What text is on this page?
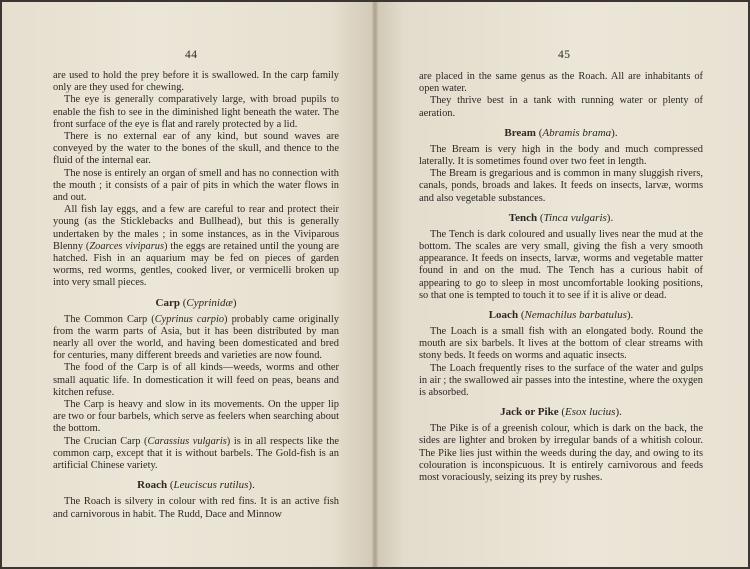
44

are used to hold the prey before it is swallowed. In the carp family only are they used for chewing.

The eye is generally comparatively large, with broad pupils to enable the fish to see in the diminished light beneath the water. The front surface of the eye is flat and rarely protected by a lid.

There is no external ear of any kind, but sound waves are conveyed by the water to the bones of the skull, and thence to the fluid of the internal ear.

The nose is entirely an organ of smell and has no connection with the mouth ; it consists of a pair of pits in which the water flows in and out.

All fish lay eggs, and a few are careful to rear and protect their young (as the Sticklebacks and Bullhead), but this is generally undertaken by the males ; in some instances, as in the Viviparous Blenny (Zoarces viviparus) the eggs are retained until the young are hatched. Fish in an aquarium may be fed on pieces of garden worms, red worms, gentles, cooked liver, or vermicelli broken up into very small pieces.

Carp (Cyprinidæ)

The Common Carp (Cyprinus carpio) probably came originally from the warm parts of Asia, but it has been distributed by man nearly all over the world, and having been domesticated and bred for centuries, many different breeds and varieties are now found.

The food of the Carp is of all kinds—weeds, worms and other small aquatic life. In domestication it will feed on peas, beans and kitchen refuse.

The Carp is heavy and slow in its movements. On the upper lip are two or four barbels, which serve as feelers when searching about the bottom.

The Crucian Carp (Carassius vulgaris) is in all respects like the common carp, except that it is without barbels. The Gold-fish is an artificial Chinese variety.

Roach (Leuciscus rutilus).

The Roach is silvery in colour with red fins. It is an active fish and carnivorous in habit. The Rudd, Dace and Minnow

45

are placed in the same genus as the Roach. All are inhabitants of open water.

They thrive best in a tank with running water or plenty of aeration.

Bream (Abramis brama).

The Bream is very high in the body and much compressed laterally. It is sometimes found over two feet in length.

The Bream is gregarious and is common in many sluggish rivers, canals, ponds, broads and lakes. It feeds on insects, larvæ, worms and also vegetable substances.

Tench (Tinca vulgaris).

The Tench is dark coloured and usually lives near the mud at the bottom. The scales are very small, giving the fish a very smooth appearance. It feeds on insects, larvæ, worms and vegetable matter found in and on the mud. The Tench has a curious habit of appearing to go to sleep in most uncomfortable looking positions, so that one is tempted to touch it to see if it is alive or dead.

Loach (Nemachilus barbatulus).

The Loach is a small fish with an elongated body. Round the mouth are six barbels. It lives at the bottom of clear streams with stony beds. It feeds on worms and aquatic insects.

The Loach frequently rises to the surface of the water and gulps in air ; the swallowed air passes into the intestine, where the oxygen is absorbed.

Jack or Pike (Esox lucius).

The Pike is of a greenish colour, which is dark on the back, the sides are lighter and broken by irregular bands of a whitish colour. The Pike lies just within the weeds during the day, and owing to its colouration is inconspicuous. It is entirely carnivorous and feeds most voraciously, seizing its prey by rushes.
